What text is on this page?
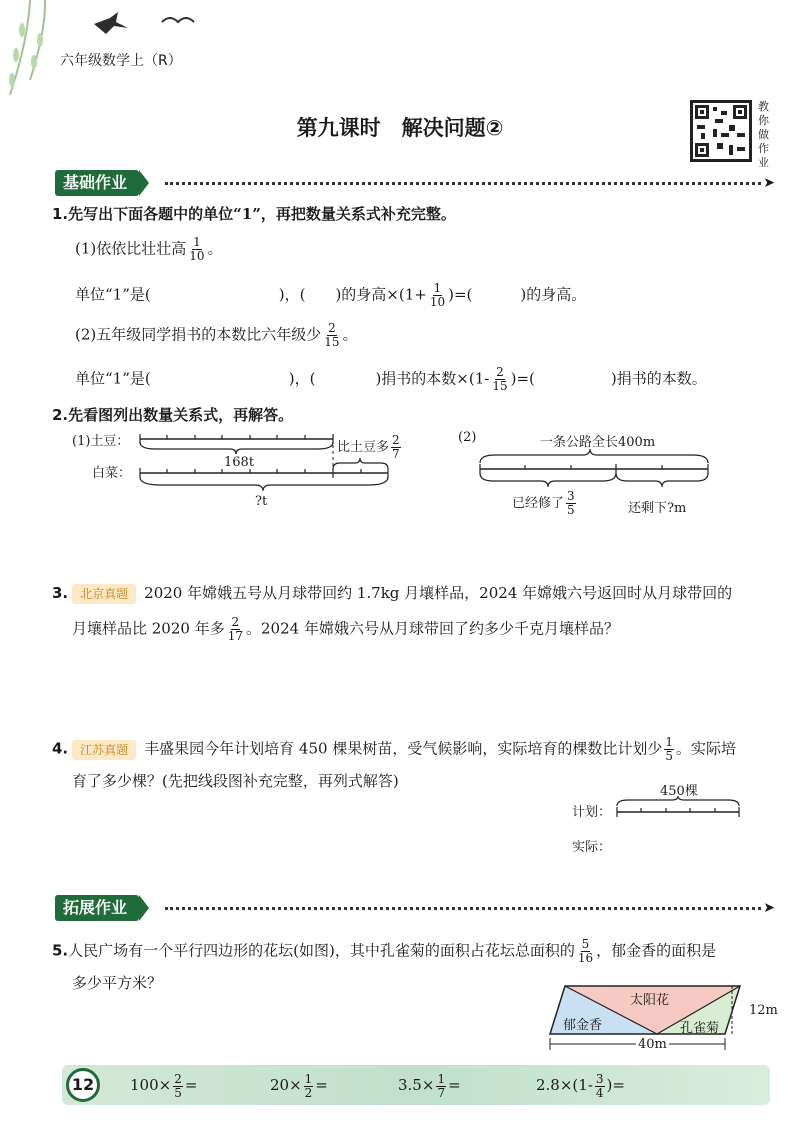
六年级数学上（R）
第九课时　解决问题②
教你做作业
基础作业	➤
1.先写出下面各题中的单位“1”，再把数量关系式补充完整。
(1)依依比壮壮高 $\frac{1}{10}$ 。
单位“1”是(	)，( )的身高$\times(1+ \frac{1}{10}$ )=(	)的身高。
(2)五年级同学捐书的本数比六年级少 $\frac{2}{15}$ 。
单位“1”是(	)，(	)捐书的本数$\times(1- \frac{2}{15}$ )=(	)捐书的本数。
2.先看图列出数量关系式，再解答。
(1)土豆：
白菜：
168t
比土豆多 $\frac{2}{7}$
?t
(2)	一条公路全长400m
已经修了 $\frac{3}{5}$	还剩下?m
3. 北京真题 2020 年嫦娥五号从月球带回约 1.7kg 月壤样品，2024 年嫦娥六号返回时从月球带回的
月壤样品比 2020 年多 $\frac{2}{17}$ 。2024 年嫦娥六号从月球带回了约多少千克月壤样品？
4. 江苏真题 丰盛果园今年计划培育 450 棵果树苗，受气候影响，实际培育的棵数比计划少 $\frac{1}{5}$ 。实际培
育了多少棵？(先把线段图补充完整，再列式解答)
450棵
计划：
实际：
拓展作业	➤
5.人民广场有一个平行四边形的花坛(如图)，其中孔雀菊的面积占花坛总面积的 $\frac{5}{16}$ ，郁金香的面积是
多少平方米？
太阳花
郁金香	孔雀菊
12m
40m
12	$100\times \frac{2}{5}$ =	$20\times \frac{1}{2}$ =	$3.5\times \frac{1}{7}$ =	$2.8\times(1- \frac{3}{4}$ )=
